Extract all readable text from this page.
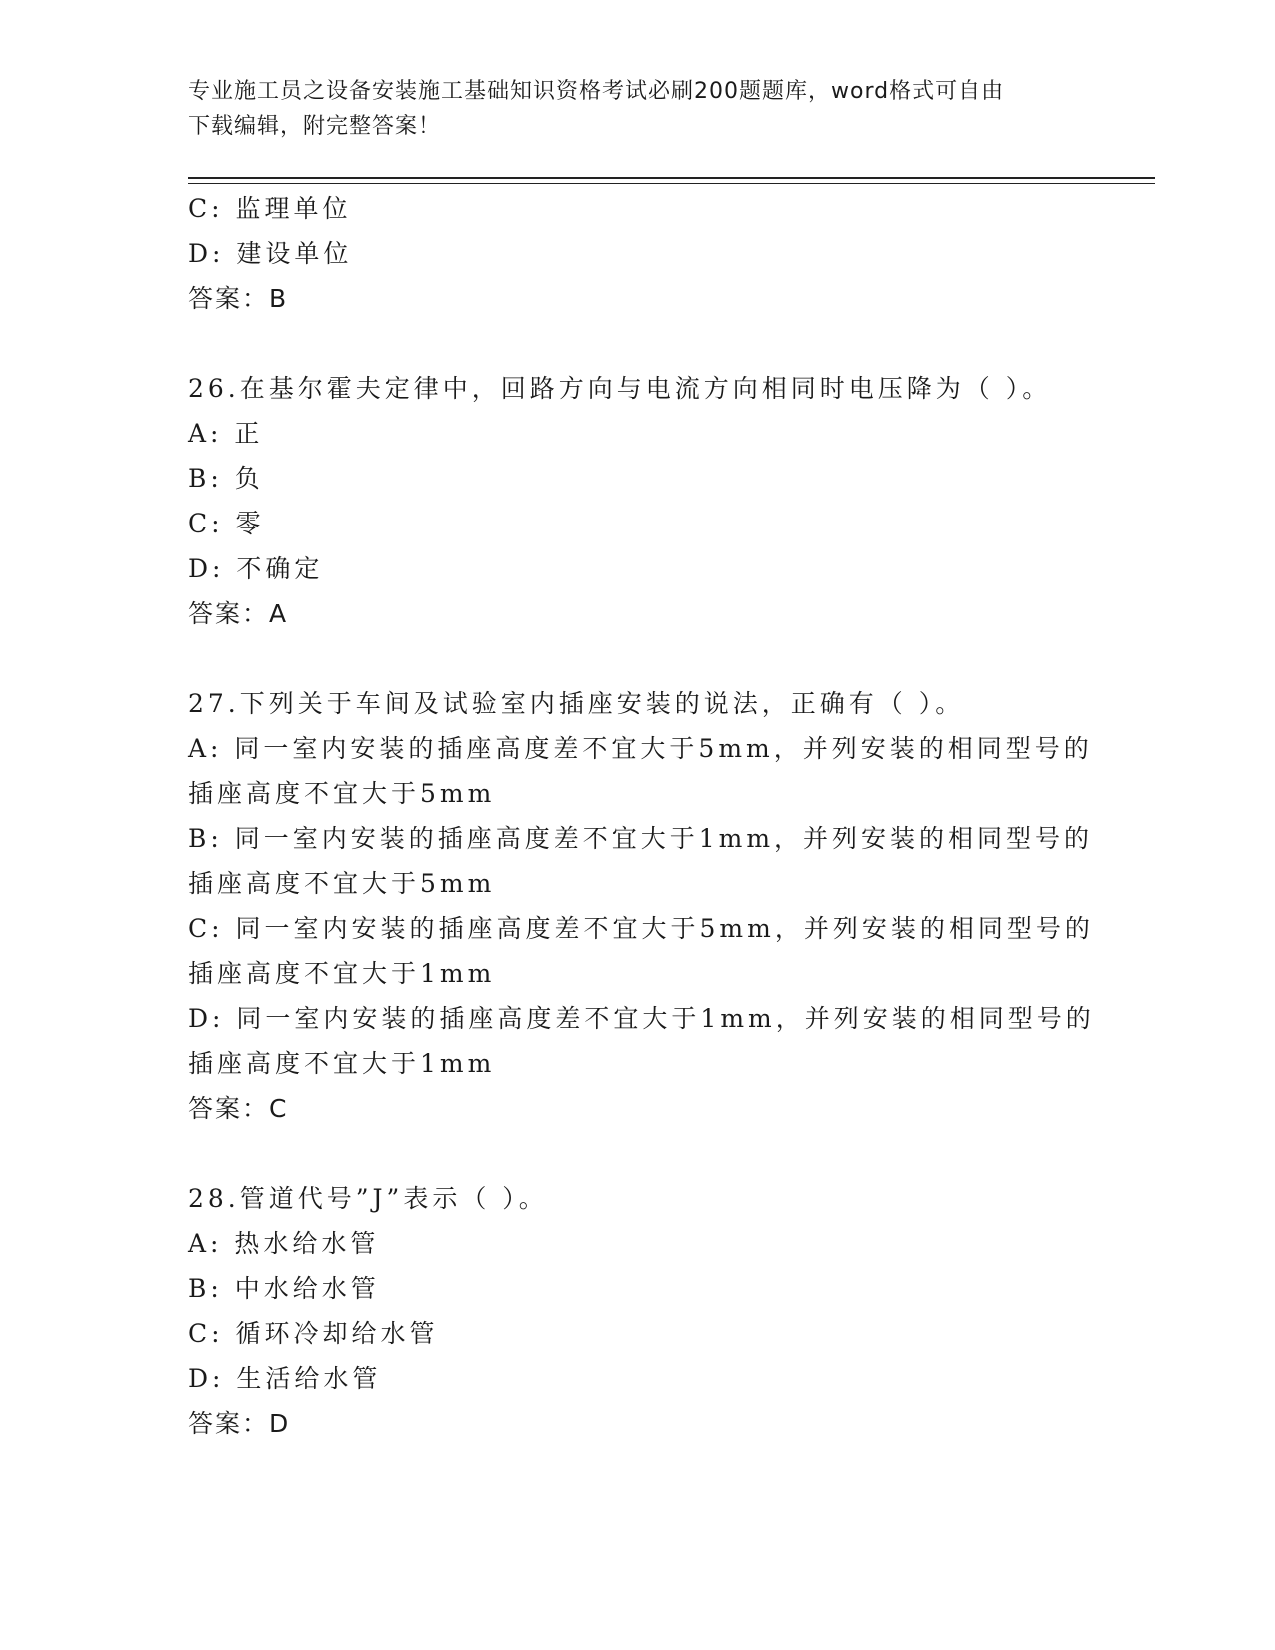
专业施工员之设备安装施工基础知识资格考试必刷200题题库，word格式可自由
下载编辑，附完整答案！
C: 监理单位
D: 建设单位
答案：B
26.在基尔霍夫定律中，回路方向与电流方向相同时电压降为（ ）。
A: 正
B: 负
C: 零
D: 不确定
答案：A
27.下列关于车间及试验室内插座安装的说法，正确有（ ）。
A: 同一室内安装的插座高度差不宜大于5mm，并列安装的相同型号的
插座高度不宜大于5mm
B: 同一室内安装的插座高度差不宜大于1mm，并列安装的相同型号的
插座高度不宜大于5mm
C: 同一室内安装的插座高度差不宜大于5mm，并列安装的相同型号的
插座高度不宜大于1mm
D: 同一室内安装的插座高度差不宜大于1mm，并列安装的相同型号的
插座高度不宜大于1mm
答案：C
28.管道代号”J”表示（ ）。
A: 热水给水管
B: 中水给水管
C: 循环冷却给水管
D: 生活给水管
答案：D
